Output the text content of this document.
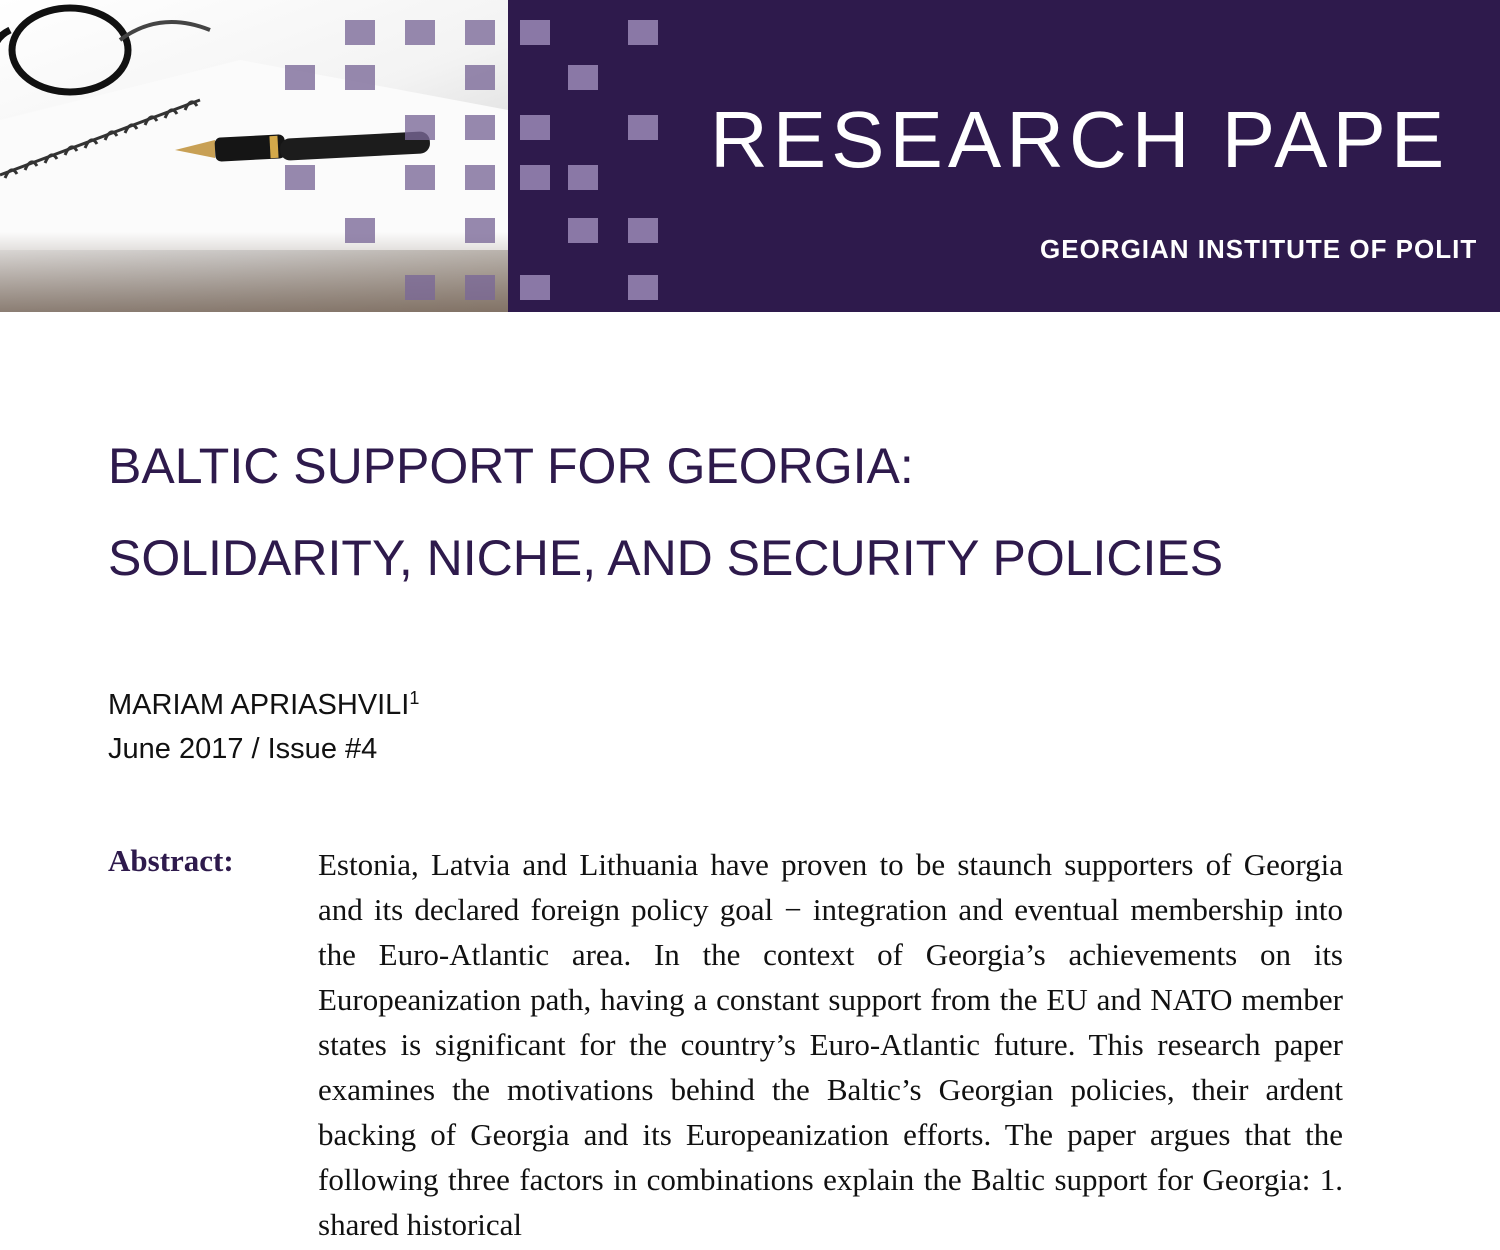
RESEARCH PAPE
GEORGIAN INSTITUTE OF POLIT
BALTIC SUPPORT FOR GEORGIA:
SOLIDARITY, NICHE, AND SECURITY POLICIES
MARIAM APRIASHVILI$^1$
June 2017 / Issue #4
Abstract:	Estonia, Latvia and Lithuania have proven to be staunch supporters of Georgia and its declared foreign policy goal − integration and eventual membership into the Euro-Atlantic area. In the context of Georgia’s achievements on its Europeanization path, having a constant support from the EU and NATO member states is significant for the country’s Euro-Atlantic future. This research paper examines the motivations behind the Baltic’s Georgian policies, their ardent backing of Georgia and its Europeanization efforts. The paper argues that the following three factors in combinations explain the Baltic support for Georgia: 1. shared historical
